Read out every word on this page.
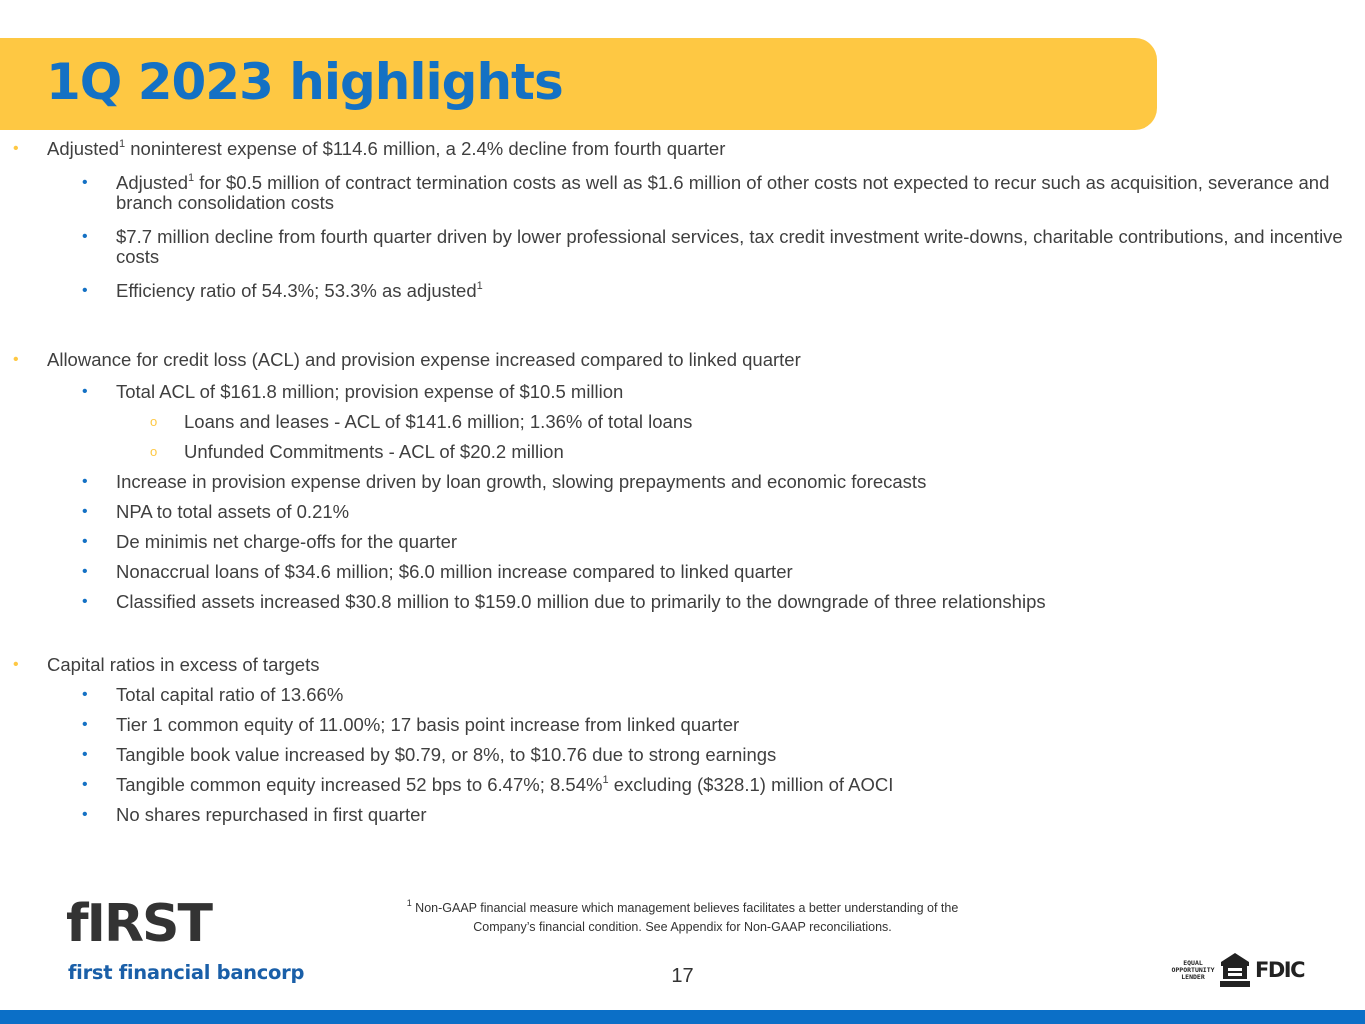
1Q 2023 highlights
• Adjusted$^1$ noninterest expense of $114.6 million, a 2.4% decline from fourth quarter
• Adjusted$^1$ for $0.5 million of contract termination costs as well as $1.6 million of other costs not expected to recur such as acquisition, severance and branch consolidation costs
• $7.7 million decline from fourth quarter driven by lower professional services, tax credit investment write-downs, charitable contributions, and incentive costs
• Efficiency ratio of 54.3%; 53.3% as adjusted$^1$
• Allowance for credit loss (ACL) and provision expense increased compared to linked quarter
• Total ACL of $161.8 million; provision expense of $10.5 million
o Loans and leases - ACL of $141.6 million; 1.36% of total loans
o Unfunded Commitments - ACL of $20.2 million
• Increase in provision expense driven by loan growth, slowing prepayments and economic forecasts
• NPA to total assets of 0.21%
• De minimis net charge-offs for the quarter
• Nonaccrual loans of $34.6 million; $6.0 million increase compared to linked quarter
• Classified assets increased $30.8 million to $159.0 million due to primarily to the downgrade of three relationships
• Capital ratios in excess of targets
• Total capital ratio of 13.66%
• Tier 1 common equity of 11.00%; 17 basis point increase from linked quarter
• Tangible book value increased by $0.79, or 8%, to $10.76 due to strong earnings
• Tangible common equity increased 52 bps to 6.47%; 8.54%$^1$ excluding ($328.1) million of AOCI
• No shares repurchased in first quarter
$^1$ Non-GAAP financial measure which management believes facilitates a better understanding of the
Company’s financial condition. See Appendix for Non-GAAP reconciliations.
17
fIRST
first financial bancorp	EQUAL
OPPORTUNITY
LENDER	FDIC
